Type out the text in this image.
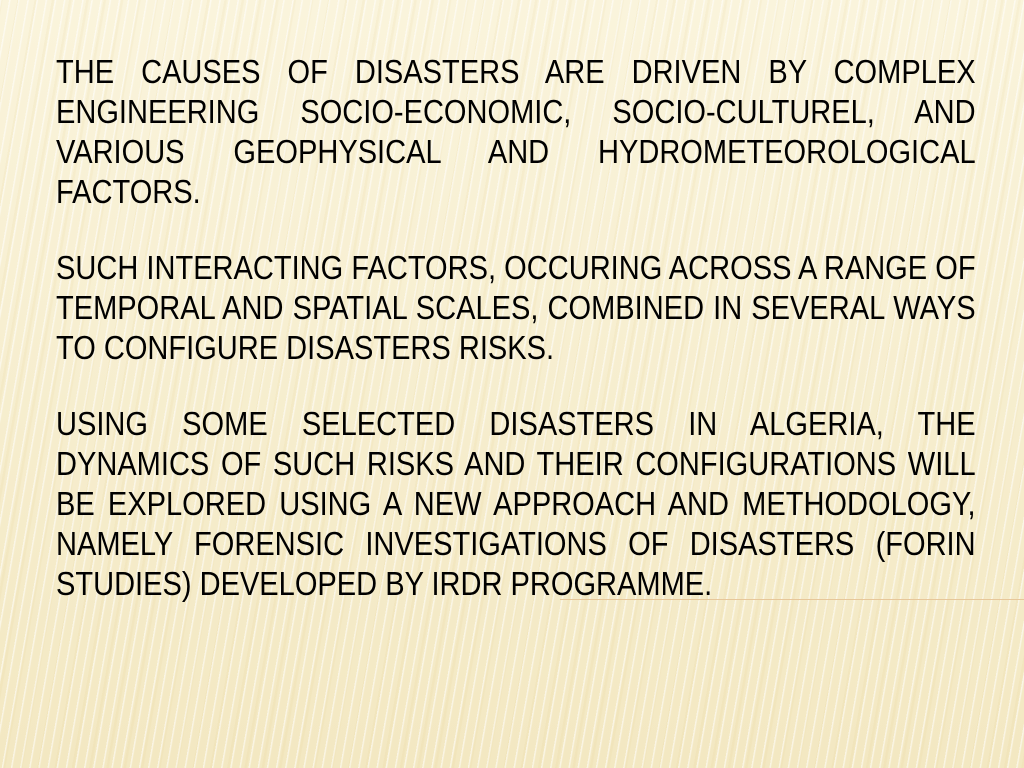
THE CAUSES OF DISASTERS ARE DRIVEN BY COMPLEX ENGINEERING SOCIO-ECONOMIC, SOCIO-CULTUREL, AND VARIOUS GEOPHYSICAL AND HYDROMETEOROLOGICAL FACTORS.

SUCH INTERACTING FACTORS, OCCURING ACROSS A RANGE OF TEMPORAL AND SPATIAL SCALES, COMBINED IN SEVERAL WAYS TO CONFIGURE DISASTERS RISKS.

USING SOME SELECTED DISASTERS IN ALGERIA, THE DYNAMICS OF SUCH RISKS AND THEIR CONFIGURATIONS WILL BE EXPLORED USING A NEW APPROACH AND METHODOLOGY, NAMELY FORENSIC INVESTIGATIONS OF DISASTERS (FORIN STUDIES) DEVELOPED BY IRDR PROGRAMME.
